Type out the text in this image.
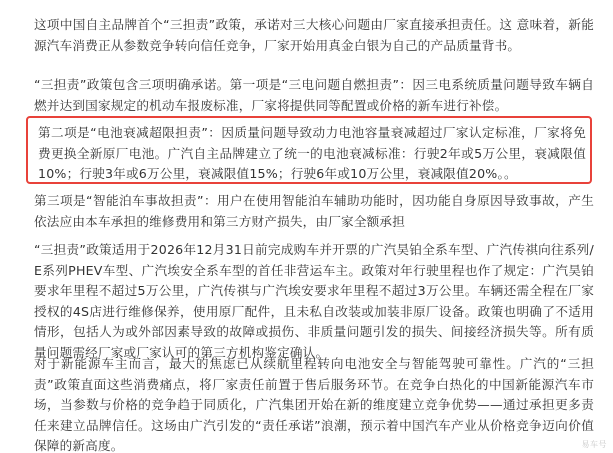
这项中国自主品牌首个“三担责”政策，承诺对三大核心问题由厂家直接承担责任。这 意味着，新能源汽车消费正从参数竞争转向信任竞争，厂家开始用真金白银为自己的产品质量背书。

“三担责”政策包含三项明确承诺。第一项是“三电问题自燃担责”：因三电系统质量问题导致车辆自燃并达到国家规定的机动车报废标准，厂家将提供同等配置或价格的新车进行补偿。

第二项是“电池衰减超限担责”：因质量问题导致动力电池容量衰减超过厂家认定标准，厂家将免费更换全新原厂电池。广汽自主品牌建立了统一的电池衰减标准：行驶2年或5万公里，衰减限值10%；行驶3年或6万公里，衰减限值15%；行驶6年或10万公里，衰减限值20%。。

第三项是“智能泊车事故担责”：用户在使用智能泊车辅助功能时，因功能自身原因导致事故，产生依法应由本车承担的维修费用和第三方财产损失，由厂家全额承担

“三担责”政策适用于2026年12月31日前完成购车并开票的广汽昊铂全系车型、广汽传祺向往系列/E系列PHEV车型、广汽埃安全系车型的首任非营运车主。政策对年行驶里程也作了规定：广汽昊铂要求年里程不超过5万公里，广汽传祺与广汽埃安要求年里程不超过3万公里。车辆还需全程在厂家授权的4S店进行维修保养，使用原厂配件，且未私自改装或加装非原厂设备。政策也明确了不适用情形，包括人为或外部因素导致的故障或损伤、非质量问题引发的损失、间接经济损失等。所有质量问题需经厂家或厂家认可的第三方机构鉴定确认。

对于新能源车主而言，最大的焦虑已从续航里程转向电池安全与智能驾驶可靠性。广汽的“三担责”政策直面这些消费痛点，将厂家责任前置于售后服务环节。在竞争白热化的中国新能源汽车市场，当参数与价格的竞争趋于同质化，广汽集团开始在新的维度建立竞争优势——通过承担更多责任来建立品牌信任。这场由广汽引发的“责任承诺”浪潮，预示着中国汽车产业从价格竞争迈向价值保障的新高度。	易车号
